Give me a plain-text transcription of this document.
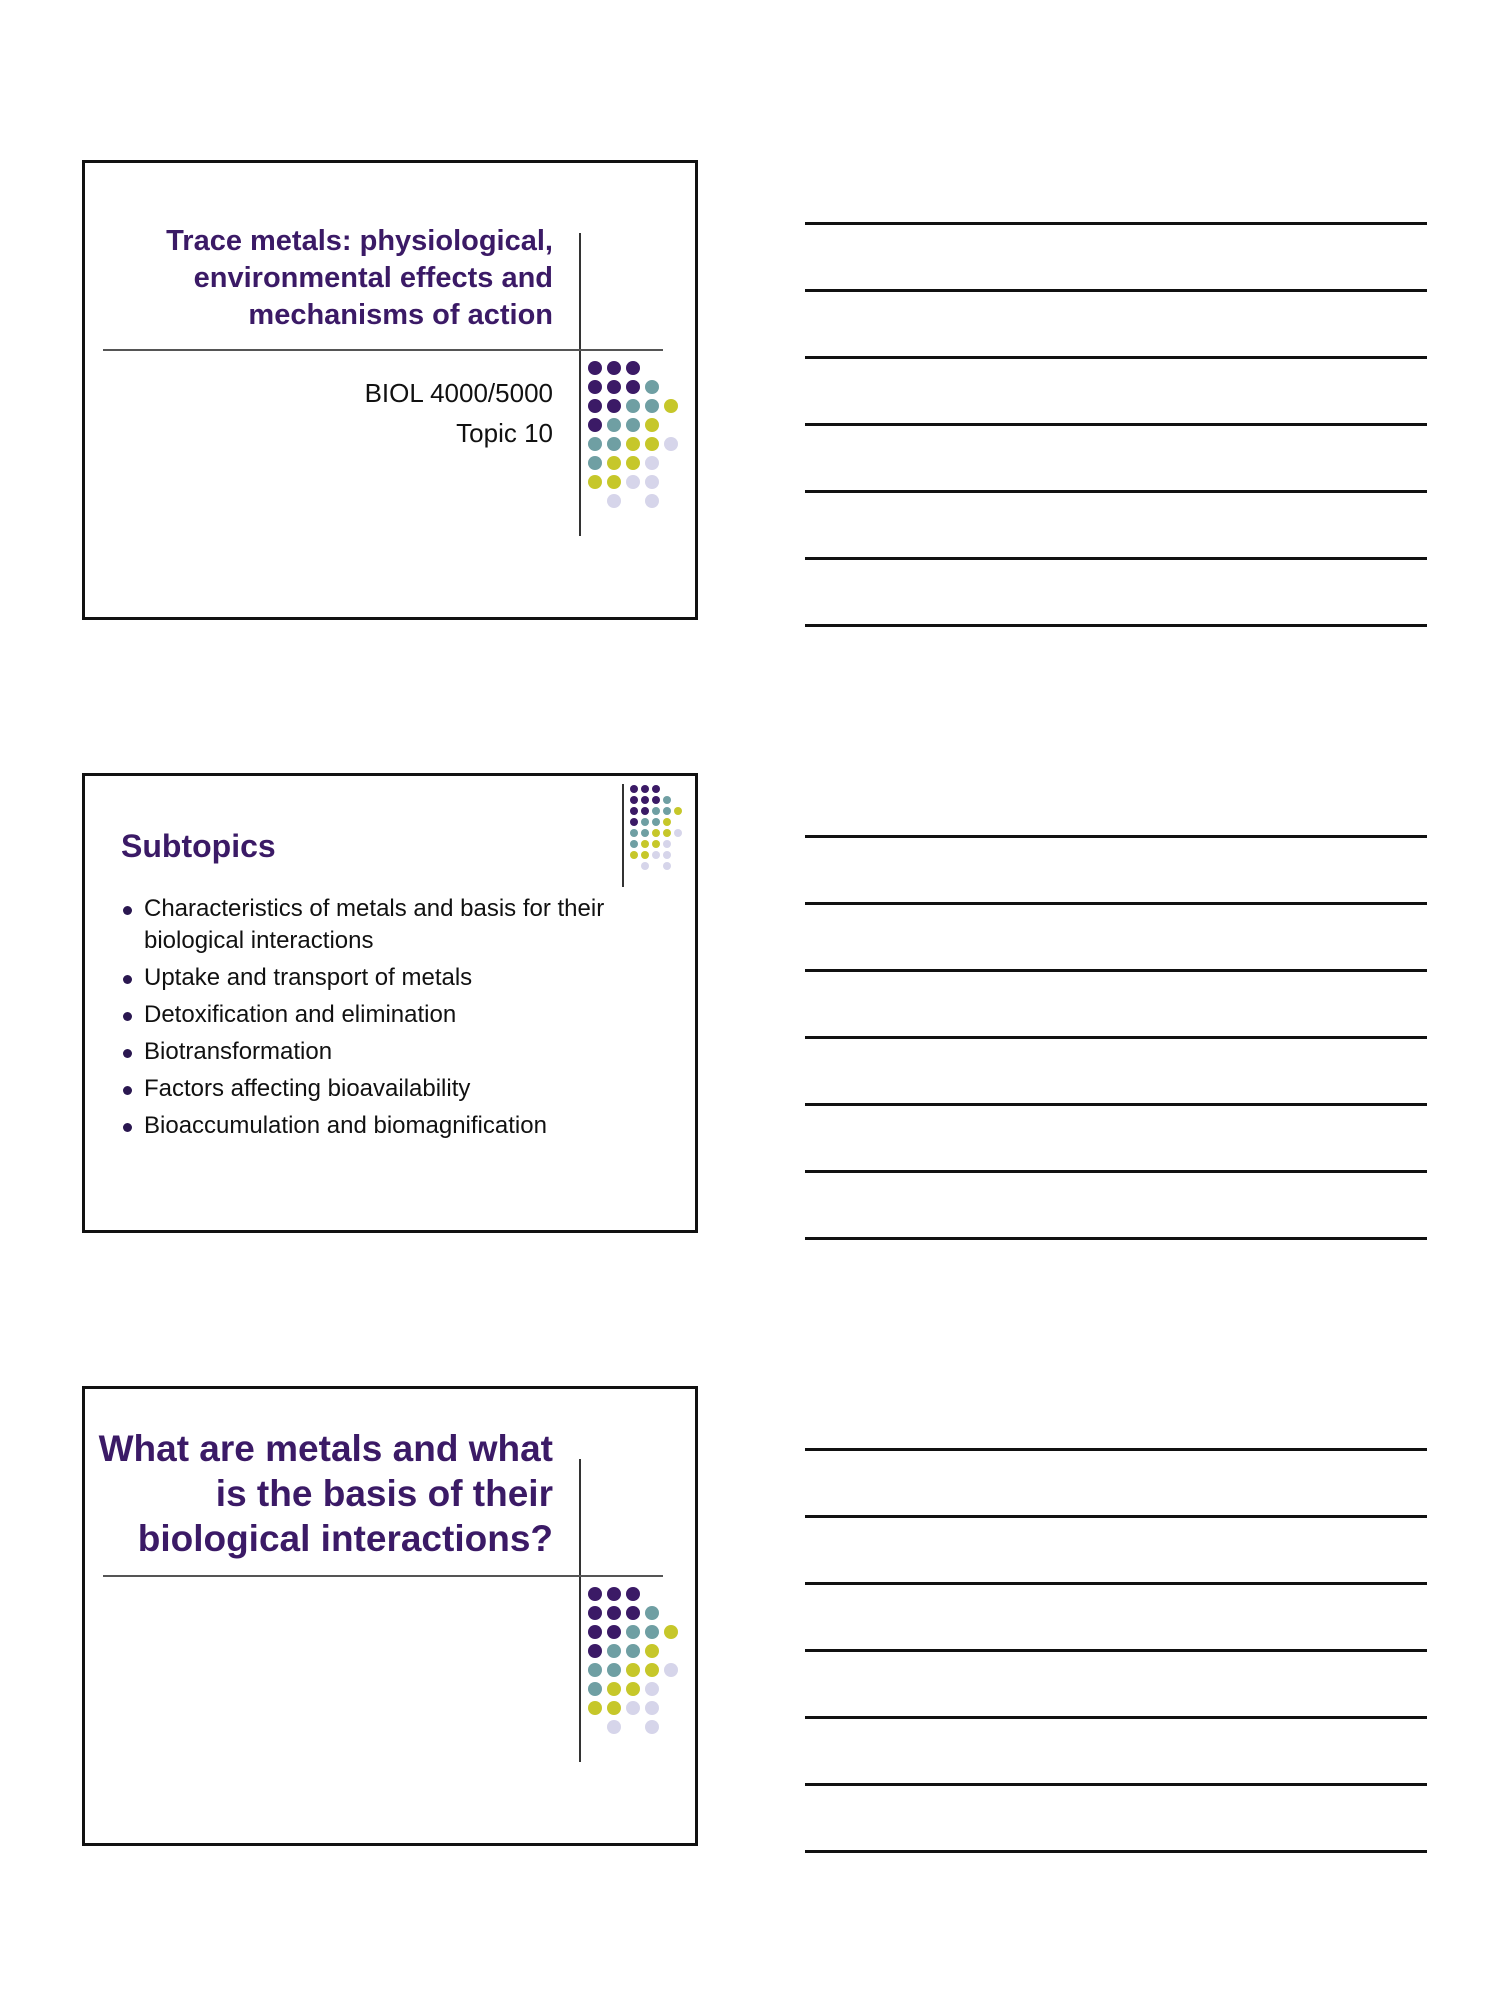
Trace metals: physiological, environmental effects and mechanisms of action
BIOL 4000/5000
Topic 10
Subtopics
Characteristics of metals and basis for their biological interactions
Uptake and transport of metals
Detoxification and elimination
Biotransformation
Factors affecting bioavailability
Bioaccumulation and biomagnification
What are metals and what is the basis of their biological interactions?
